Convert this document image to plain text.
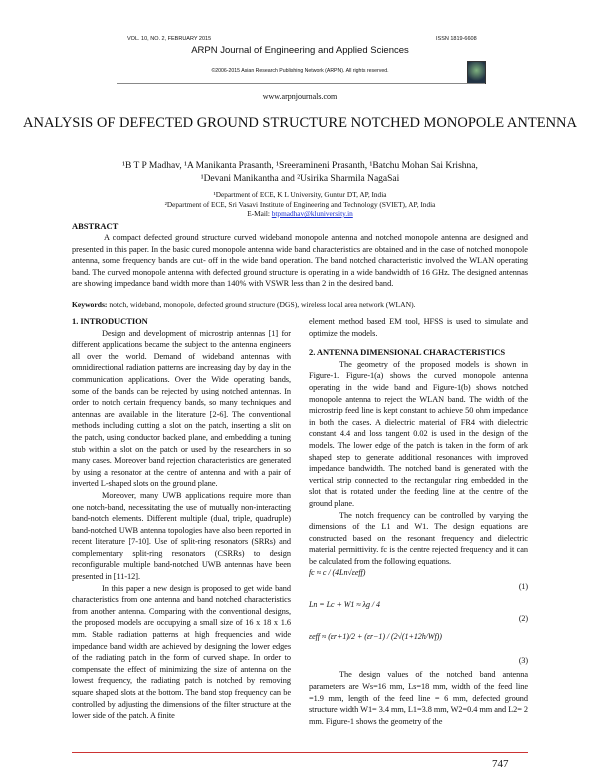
VOL. 10, NO. 2, FEBRUARY 2015	ISSN 1819-6608
ARPN Journal of Engineering and Applied Sciences
©2006-2015 Asian Research Publishing Network (ARPN). All rights reserved.
www.arpnjournals.com
ANALYSIS OF DEFECTED GROUND STRUCTURE NOTCHED MONOPOLE ANTENNA
¹B T P Madhav, ¹A Manikanta Prasanth, ¹Sreeramineni Prasanth, ¹Batchu Mohan Sai Krishna,
¹Devani Manikantha and ²Usirika Sharmila NagaSai
¹Department of ECE, K L University, Guntur DT, AP, India
²Department of ECE, Sri Vasavi Institute of Engineering and Technology (SVIET), AP, India
E-Mail: btpmadhav@kluniversity.in
ABSTRACT
A compact defected ground structure curved wideband monopole antenna and notched monopole antenna are designed and presented in this paper. In the basic cured monopole antenna wide band characteristics are obtained and in the case of notched monopole antenna, some frequency bands are cut- off in the wide band operation. The band notched characteristic involved the WLAN operating band. The curved monopole antenna with defected ground structure is operating in a wide bandwidth of 16 GHz. The designed antennas are showing impedance band width more than 140% with VSWR less than 2 in the desired band.
Keywords: notch, wideband, monopole, defected ground structure (DGS), wireless local area network (WLAN).
1. INTRODUCTION

Design and development of microstrip antennas [1] for different applications became the subject to the antenna engineers all over the world. Demand of wideband antennas with omnidirectional radiation patterns are increasing day by day in the communication applications. Over the Wide operating bands, some of the bands can be rejected by using notched antennas. In order to notch certain frequency bands, so many techniques and antennas are available in the literature [2-6]. The conventional methods including cutting a slot on the patch, inserting a slit on the patch, using conductor backed plane, and embedding a tuning stub within a slot on the patch or used by the researchers in so many cases. Moreover band rejection characteristics are generated by using a resonator at the centre of antenna and with a pair of inverted L-shaped slots on the ground plane.

Moreover, many UWB applications require more than one notch-band, necessitating the use of mutually non-interacting band-notch elements. Different multiple (dual, triple, quadruple) band-notched UWB antenna topologies have also been reported in recent literature [7-10]. Use of split-ring resonators (SRRs) and complementary split-ring resonators (CSRRs) to design reconfigurable multiple band-notched UWB antennas have been presented in [11-12].

In this paper a new design is proposed to get wide band characteristics from one antenna and band notched characteristics from another antenna. Comparing with the conventional designs, the proposed models are occupying a small size of 16 x 18 x 1.6 mm. Stable radiation patterns at high frequencies and wide impedance band width are achieved by designing the lower edges of the radiating patch in the form of curved shape. In order to compensate the effect of minimizing the size of antenna on the lowest frequency, the radiating patch is notched by removing square shaped slots at the bottom. The band stop frequency can be controlled by adjusting the dimensions of the filter structure at the lower side of the patch. A finite

element method based EM tool, HFSS is used to simulate and optimize the models.

2. ANTENNA DIMENSIONAL CHARACTERISTICS

The geometry of the proposed models is shown in Figure-1. Figure-1(a) shows the curved monopole antenna operating in the wide band and Figure-1(b) shows notched monopole antenna to reject the WLAN band. The width of the microstrip feed line is kept constant to achieve 50 ohm impedance in both the cases. A dielectric material of FR4 with dielectric constant 4.4 and loss tangent 0.02 is used in the design of the models. The lower edge of the patch is taken in the form of ark shaped step to generate additional resonances with improved impedance bandwidth. The notched band is generated with the vertical strip connected to the rectangular ring embedded in the slot that is rotated under the feeding line at the centre of the ground plane.

The notch frequency can be controlled by varying the dimensions of the L1 and W1. The design equations are constructed based on the resonant frequency and dielectric material permittivity. fc is the centre rejected frequency and it can be calculated from the following equations.

fc ≈ c / (4Ln√εeff)
(1)
Ln = Lc + W1 ≈ λg / 4
(2)
εeff ≈ (εr+1)/2 + (εr−1) / (2√(1+12h/Wf))
(3)

The design values of the notched band antenna parameters are Ws=16 mm, Ls=18 mm, width of the feed line =1.9 mm, length of the feed line = 6 mm, defected ground structure width W1= 3.4 mm, L1=3.8 mm, W2=0.4 mm and L2= 2 mm. Figure-1 shows the geometry of the

747
